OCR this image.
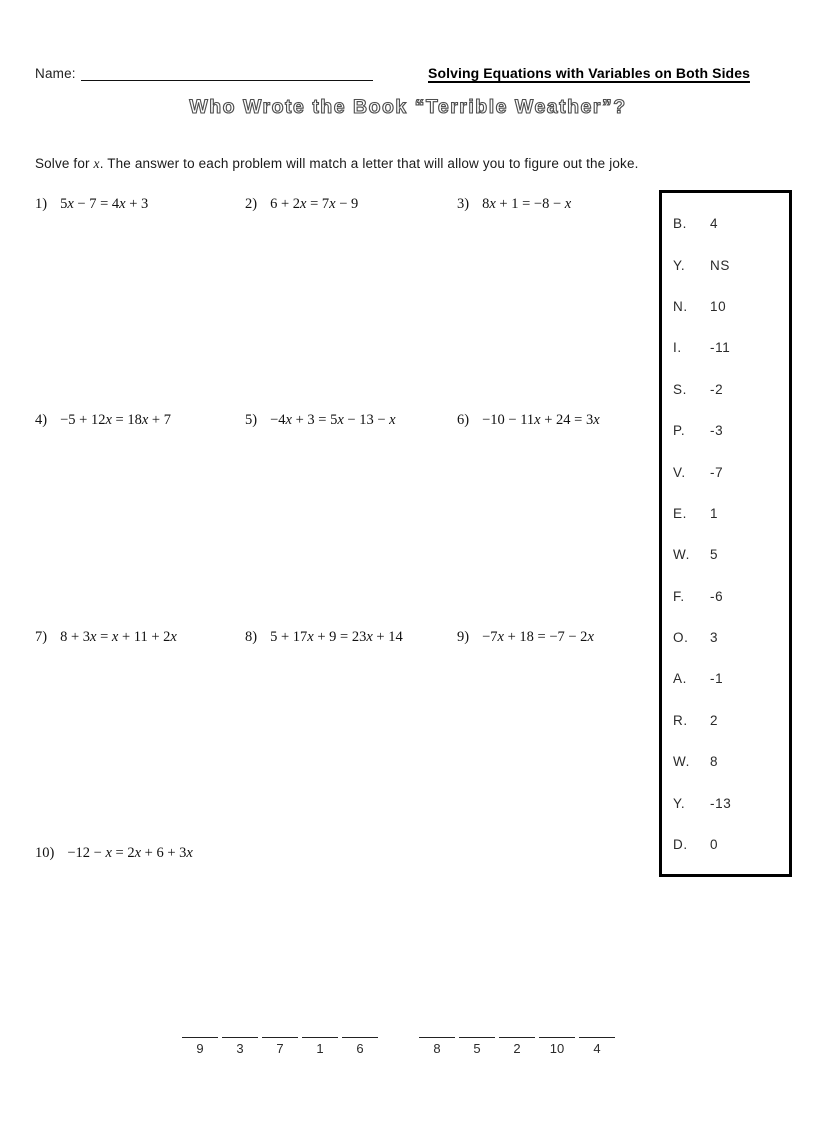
Name:	Solving Equations with Variables on Both Sides
Who Wrote the Book “Terrible Weather”?
Solve for x. The answer to each problem will match a letter that will allow you to figure out the joke.
1) 5x − 7 = 4x + 3	2) 6 + 2x = 7x − 9	3) 8x + 1 = −8 − x
4) −5 + 12x = 18x + 7	5) −4x + 3 = 5x − 13 − x	6) −10 − 11x + 24 = 3x
7) 8 + 3x = x + 11 + 2x	8) 5 + 17x + 9 = 23x + 14	9) −7x + 18 = −7 − 2x
10) −12 − x = 2x + 6 + 3x
B.	4
Y.	NS
N.	10
I.	-11
S.	-2
P.	-3
V.	-7
E.	1
W.	5
F.	-6
O.	3
A.	-1
R.	2
W.	8
Y.	-13
D.	0
9	3	7	1	6	8	5	2	10	4
